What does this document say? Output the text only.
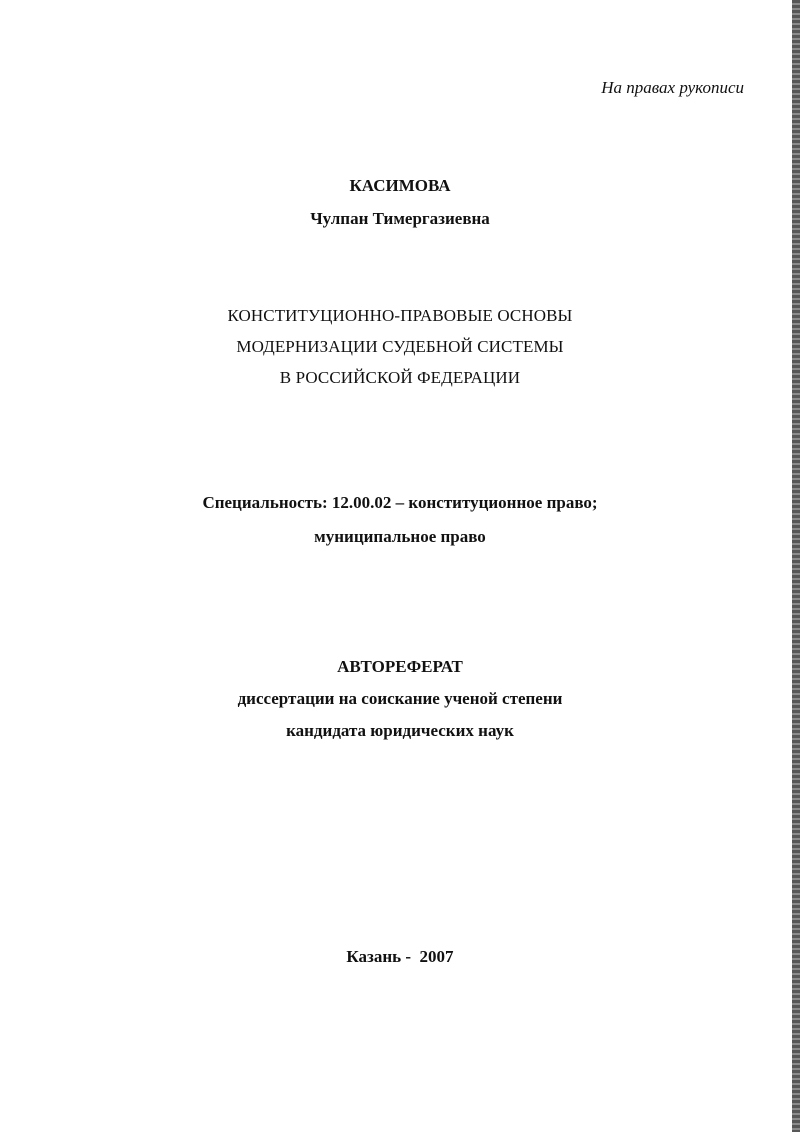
На правах рукописи
КАСИМОВА
Чулпан Тимергазиевна
КОНСТИТУЦИОННО-ПРАВОВЫЕ ОСНОВЫ
МОДЕРНИЗАЦИИ СУДЕБНОЙ СИСТЕМЫ
В РОССИЙСКОЙ ФЕДЕРАЦИИ
Специальность: 12.00.02 – конституционное право;
муниципальное право
АВТОРЕФЕРАТ
диссертации на соискание ученой степени
кандидата юридических наук
Казань -  2007
